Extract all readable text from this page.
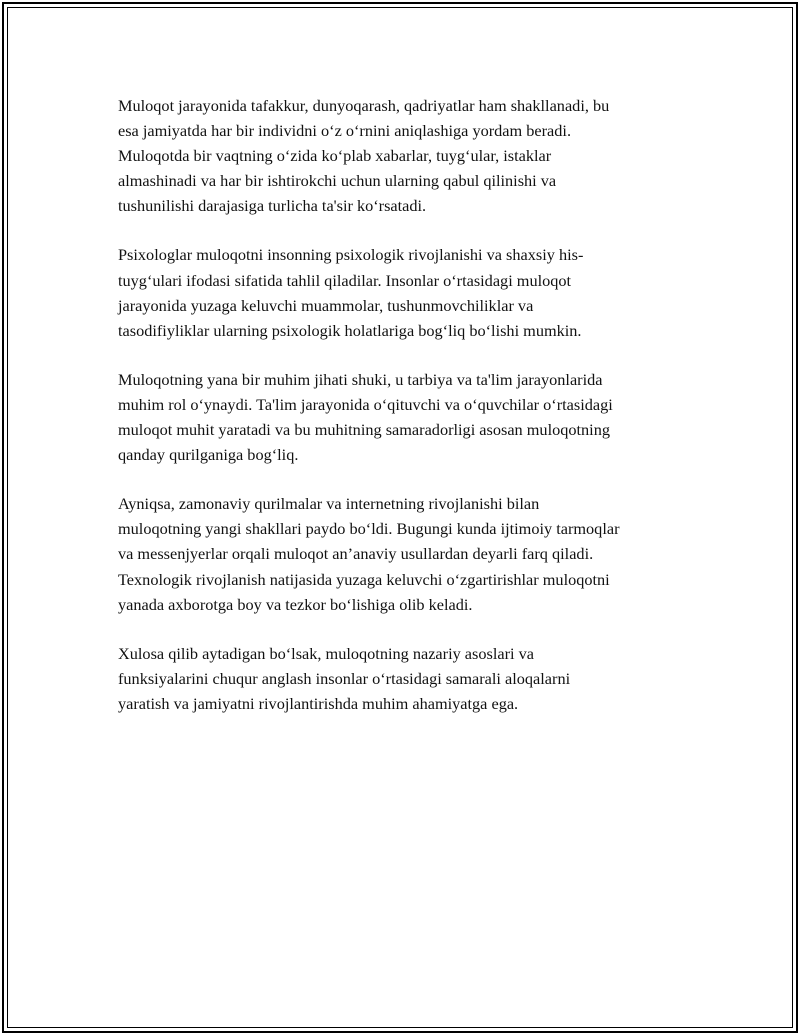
Muloqot jarayonida tafakkur, dunyoqarash, qadriyatlar ham shakllanadi, bu
esa jamiyatda har bir individni o‘z o‘rnini aniqlashiga yordam beradi.
Muloqotda bir vaqtning o‘zida ko‘plab xabarlar, tuyg‘ular, istaklar
almashinadi va har bir ishtirokchi uchun ularning qabul qilinishi va
tushunilishi darajasiga turlicha ta'sir ko‘rsatadi.

Psixologlar muloqotni insonning psixologik rivojlanishi va shaxsiy his-
tuyg‘ulari ifodasi sifatida tahlil qiladilar. Insonlar o‘rtasidagi muloqot
jarayonida yuzaga keluvchi muammolar, tushunmovchiliklar va
tasodifiyliklar ularning psixologik holatlariga bog‘liq bo‘lishi mumkin.

Muloqotning yana bir muhim jihati shuki, u tarbiya va ta'lim jarayonlarida
muhim rol o‘ynaydi. Ta'lim jarayonida o‘qituvchi va o‘quvchilar o‘rtasidagi
muloqot muhit yaratadi va bu muhitning samaradorligi asosan muloqotning
qanday qurilganiga bog‘liq.

Ayniqsa, zamonaviy qurilmalar va internetning rivojlanishi bilan
muloqotning yangi shakllari paydo bo‘ldi. Bugungi kunda ijtimoiy tarmoqlar
va messenjyerlar orqali muloqot an’anaviy usullardan deyarli farq qiladi.
Texnologik rivojlanish natijasida yuzaga keluvchi o‘zgartirishlar muloqotni
yanada axborotga boy va tezkor bo‘lishiga olib keladi.

Xulosa qilib aytadigan bo‘lsak, muloqotning nazariy asoslari va
funksiyalarini chuqur anglash insonlar o‘rtasidagi samarali aloqalarni
yaratish va jamiyatni rivojlantirishda muhim ahamiyatga ega.
